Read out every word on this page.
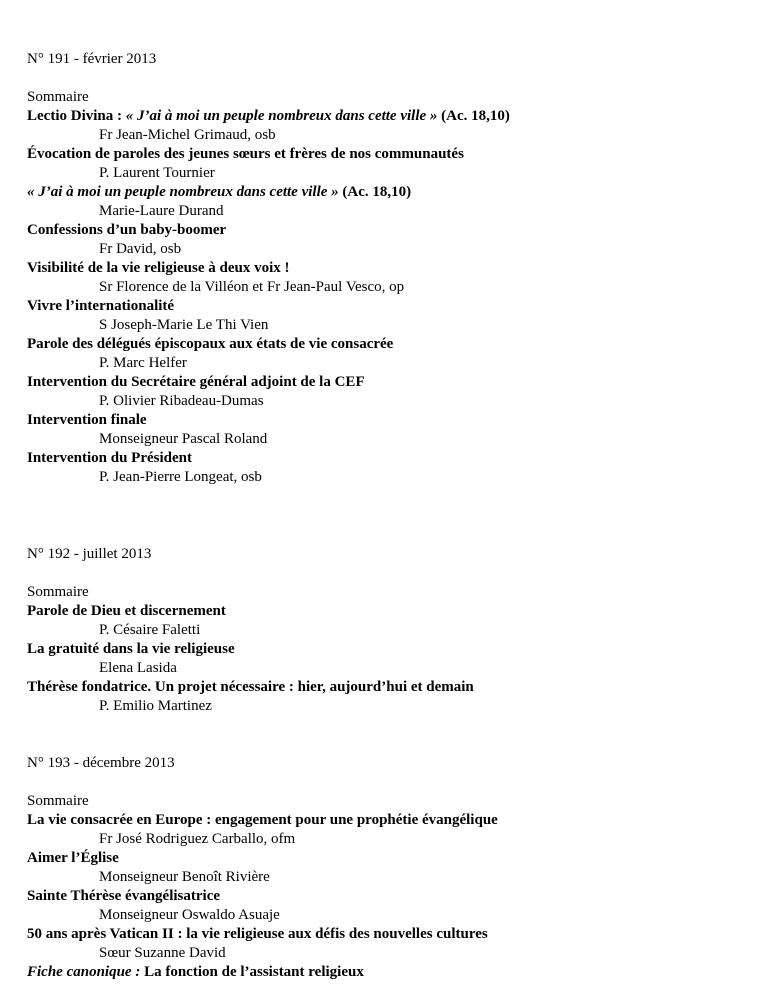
N° 191 - février 2013
Sommaire
Lectio Divina : « J’ai à moi un peuple nombreux dans cette ville » (Ac. 18,10)
Fr Jean-Michel Grimaud, osb
Évocation de paroles des jeunes sœurs et frères de nos communautés
P. Laurent Tournier
« J’ai à moi un peuple nombreux dans cette ville » (Ac. 18,10)
Marie-Laure Durand
Confessions d’un baby-boomer
Fr David, osb
Visibilité de la vie religieuse à deux voix !
Sr Florence de la Villéon et Fr Jean-Paul Vesco, op
Vivre l’internationalité
S Joseph-Marie Le Thi Vien
Parole des délégués épiscopaux aux états de vie consacrée
P. Marc Helfer
Intervention du Secrétaire général adjoint de la CEF
P. Olivier Ribadeau-Dumas
Intervention finale
Monseigneur Pascal Roland
Intervention du Président
P. Jean-Pierre Longeat, osb
N° 192 - juillet 2013
Sommaire
Parole de Dieu et discernement
P. Césaire Faletti
La gratuité dans la vie religieuse
Elena Lasida
Thérèse fondatrice. Un projet nécessaire : hier, aujourd’hui et demain
P. Emilio Martinez
N° 193 - décembre 2013
Sommaire
La vie consacrée en Europe : engagement pour une prophétie évangélique
Fr José Rodriguez Carballo, ofm
Aimer l’Église
Monseigneur Benoît Rivière
Sainte Thérèse évangélisatrice
Monseigneur Oswaldo Asuaje
50 ans après Vatican II : la vie religieuse aux défis des nouvelles cultures
Sœur Suzanne David
Fiche canonique : La fonction de l’assistant religieux
